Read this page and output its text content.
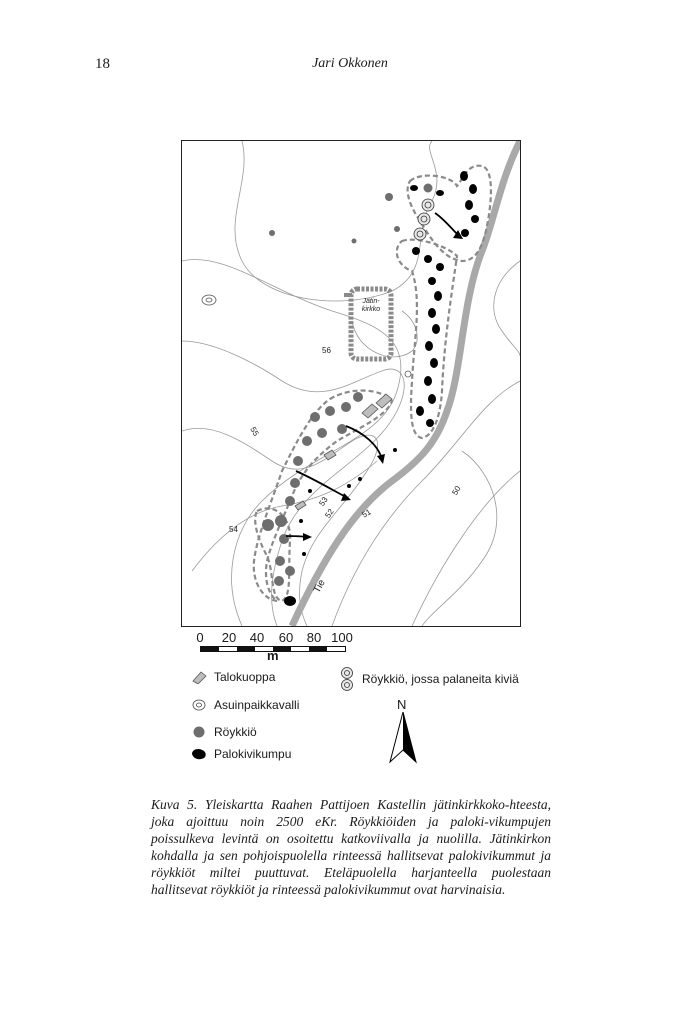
18	Jari Okkonen
Jätin-
kirkko
56
55
54
53
52	51
50
Tie
0 20 40 60 80 100
m
Talokuoppa
Asuinpaikkavalli
Röykkiö
Palokivikumpu
Röykkiö, jossa palaneita kiviä
N
Kuva 5. Yleiskartta Raahen Pattijoen Kastellin jätinkirkkoko-hteesta, joka ajoittuu noin 2500 eKr. Röykkiöiden ja paloki-vikumpujen poissulkeva levintä on osoitettu katkoviivalla ja nuolilla. Jätinkirkon kohdalla ja sen pohjoispuolella rinteessä hallitsevat palokivikummut ja röykkiöt miltei puuttuvat. Eteläpuolella harjanteella puolestaan hallitsevat röykkiöt ja rinteessä palokivikummut ovat harvinaisia.
